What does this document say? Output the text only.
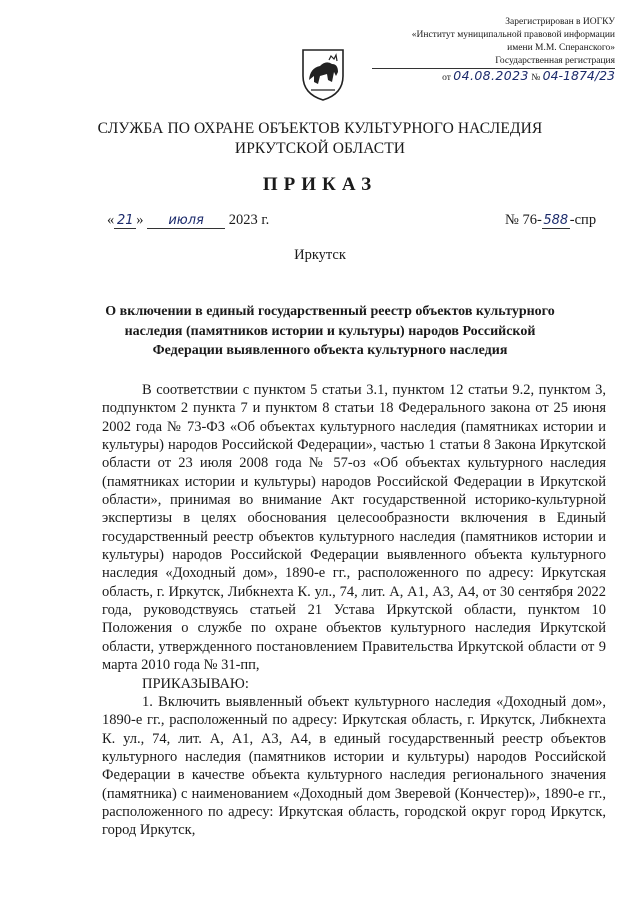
Зарегистрирован в ИОГКУ
«Институт муниципальной правовой информации
имени М.М. Сперанского»
Государственная регистрация
от 04.08.2023 № 04-1874/23
СЛУЖБА ПО ОХРАНЕ ОБЪЕКТОВ КУЛЬТУРНОГО НАСЛЕДИЯ
ИРКУТСКОЙ ОБЛАСТИ
ПРИКАЗ
« 21 » июля 2023 г.	№ 76- 588 -спр
Иркутск
О включении в единый государственный реестр объектов культурного наследия (памятников истории и культуры) народов Российской Федерации выявленного объекта культурного наследия

В соответствии с пунктом 5 статьи 3.1, пунктом 12 статьи 9.2, пунктом 3, подпунктом 2 пункта 7 и пунктом 8 статьи 18 Федерального закона от 25 июня 2002 года № 73-ФЗ «Об объектах культурного наследия (памятниках истории и культуры) народов Российской Федерации», частью 1 статьи 8 Закона Иркутской области от 23 июля 2008 года № 57-оз «Об объектах культурного наследия (памятниках истории и культуры) народов Российской Федерации в Иркутской области», принимая во внимание Акт государственной историко-культурной экспертизы в целях обоснования целесообразности включения в Единый государственный реестр объектов культурного наследия (памятников истории и культуры) народов Российской Федерации выявленного объекта культурного наследия «Доходный дом», 1890-е гг., расположенного по адресу: Иркутская область, г. Иркутск, Либкнехта К. ул., 74, лит. А, А1, А3, А4, от 30 сентября 2022 года, руководствуясь статьей 21 Устава Иркутской области, пунктом 10 Положения о службе по охране объектов культурного наследия Иркутской области, утвержденного постановлением Правительства Иркутской области от 9 марта 2010 года № 31-пп,

ПРИКАЗЫВАЮ:

1. Включить выявленный объект культурного наследия «Доходный дом», 1890-е гг., расположенный по адресу: Иркутская область, г. Иркутск, Либкнехта К. ул., 74, лит. А, А1, А3, А4, в единый государственный реестр объектов культурного наследия (памятников истории и культуры) народов Российской Федерации в качестве объекта культурного наследия регионального значения (памятника) с наименованием «Доходный дом Зверевой (Кончестер)», 1890-е гг., расположенного по адресу: Иркутская область, городской округ город Иркутск, город Иркутск,
